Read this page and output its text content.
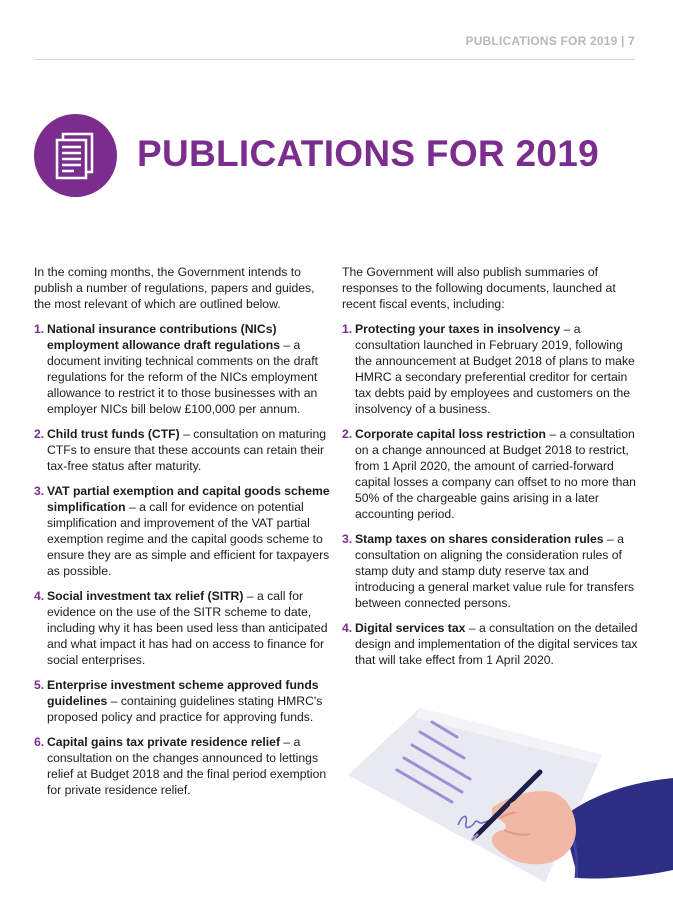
PUBLICATIONS FOR 2019 | 7
PUBLICATIONS FOR 2019

In the coming months, the Government intends to publish a number of regulations, papers and guides, the most relevant of which are outlined below.

1. National insurance contributions (NICs) employment allowance draft regulations – a document inviting technical comments on the draft regulations for the reform of the NICs employment allowance to restrict it to those businesses with an employer NICs bill below £100,000 per annum.
2. Child trust funds (CTF) – consultation on maturing CTFs to ensure that these accounts can retain their tax-free status after maturity.
3. VAT partial exemption and capital goods scheme simplification – a call for evidence on potential simplification and improvement of the VAT partial exemption regime and the capital goods scheme to ensure they are as simple and efficient for taxpayers as possible.
4. Social investment tax relief (SITR) – a call for evidence on the use of the SITR scheme to date, including why it has been used less than anticipated and what impact it has had on access to finance for social enterprises.
5. Enterprise investment scheme approved funds guidelines – containing guidelines stating HMRC's proposed policy and practice for approving funds.
6. Capital gains tax private residence relief – a consultation on the changes announced to lettings relief at Budget 2018 and the final period exemption for private residence relief.

The Government will also publish summaries of responses to the following documents, launched at recent fiscal events, including:

1. Protecting your taxes in insolvency – a consultation launched in February 2019, following the announcement at Budget 2018 of plans to make HMRC a secondary preferential creditor for certain tax debts paid by employees and customers on the insolvency of a business.
2. Corporate capital loss restriction – a consultation on a change announced at Budget 2018 to restrict, from 1 April 2020, the amount of carried-forward capital losses a company can offset to no more than 50% of the chargeable gains arising in a later accounting period.
3. Stamp taxes on shares consideration rules – a consultation on aligning the consideration rules of stamp duty and stamp duty reserve tax and introducing a general market value rule for transfers between connected persons.
4. Digital services tax – a consultation on the detailed design and implementation of the digital services tax that will take effect from 1 April 2020.
